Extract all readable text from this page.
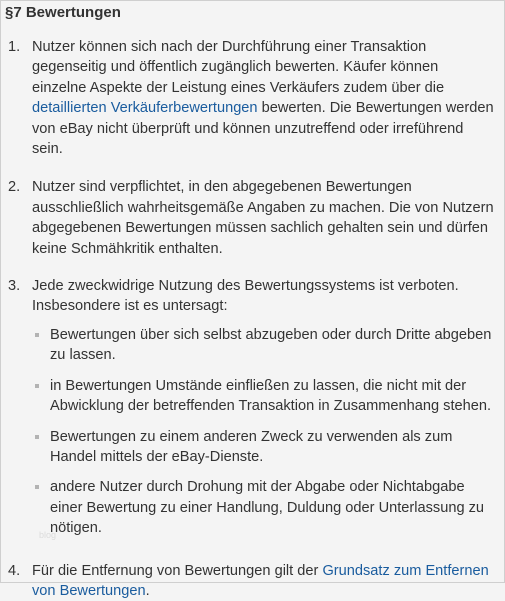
§7 Bewertungen
1. Nutzer können sich nach der Durchführung einer Transaktion gegenseitig und öffentlich zugänglich bewerten. Käufer können einzelne Aspekte der Leistung eines Verkäufers zudem über die detaillierten Verkäuferbewertungen bewerten. Die Bewertungen werden von eBay nicht überprüft und können unzutreffend oder irreführend sein.
2. Nutzer sind verpflichtet, in den abgegebenen Bewertungen ausschließlich wahrheitsgemäße Angaben zu machen. Die von Nutzern abgegebenen Bewertungen müssen sachlich gehalten sein und dürfen keine Schmähkritik enthalten.
3. Jede zweckwidrige Nutzung des Bewertungssystems ist verboten. Insbesondere ist es untersagt:
Bewertungen über sich selbst abzugeben oder durch Dritte abgeben zu lassen.
in Bewertungen Umstände einfließen zu lassen, die nicht mit der Abwicklung der betreffenden Transaktion in Zusammenhang stehen.
Bewertungen zu einem anderen Zweck zu verwenden als zum Handel mittels der eBay-Dienste.
andere Nutzer durch Drohung mit der Abgabe oder Nichtabgabe einer Bewertung zu einer Handlung, Duldung oder Unterlassung zu nötigen.
4. Für die Entfernung von Bewertungen gilt der Grundsatz zum Entfernen von Bewertungen.
blog
